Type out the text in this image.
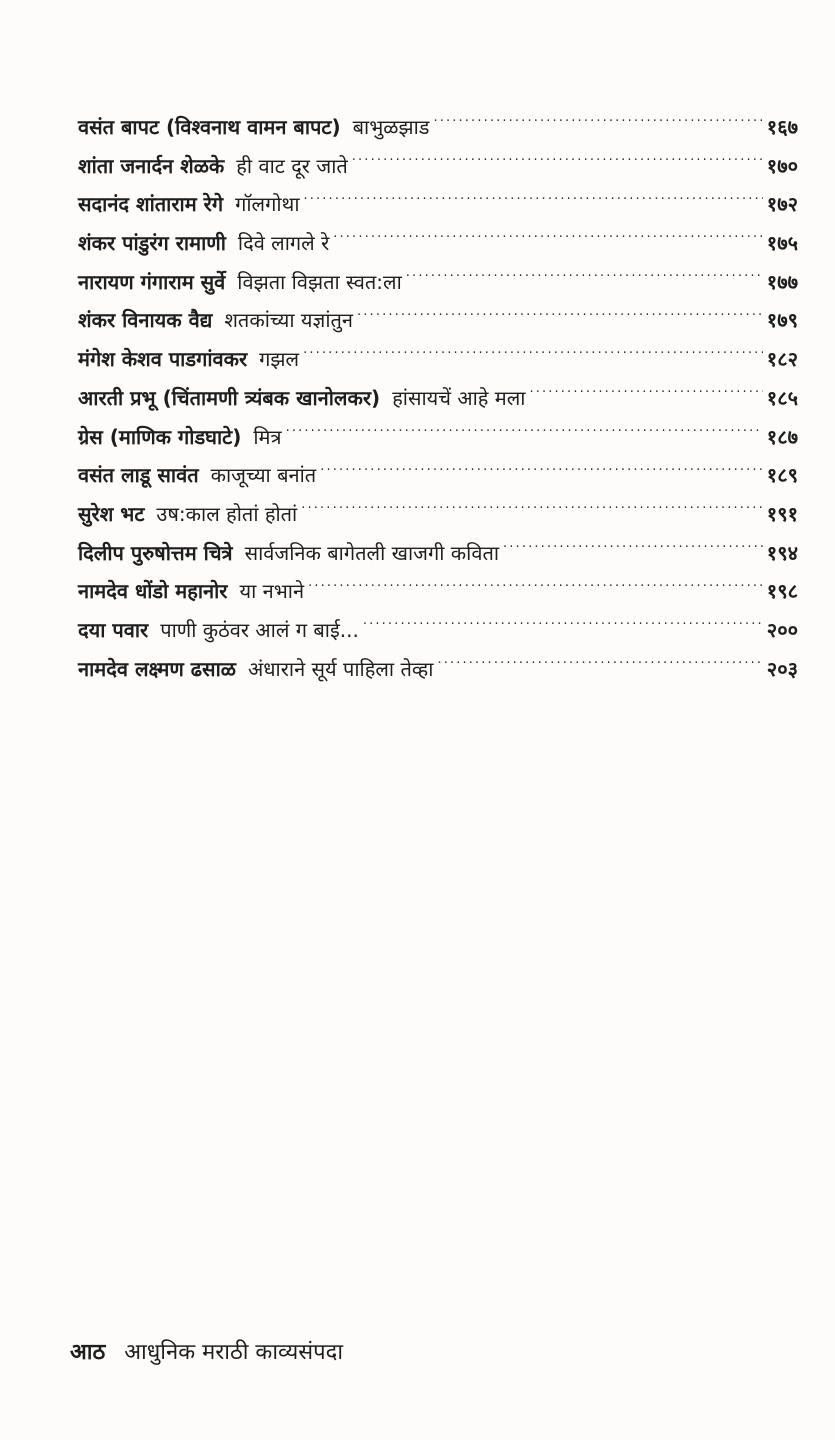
वसंत बापट (विश्वनाथ वामन बापट) बाभुळझाड . . .	१६७
शांता जनार्दन शेळके ही वाट दूर जाते . . .	१७०
सदानंद शांताराम रेगे गॉलगोथा . . .	१७२
शंकर पांडुरंग रामाणी दिवे लागले रे . . .	१७५
नारायण गंगाराम सुर्वे विझता विझता स्वत:ला . . .	१७७
शंकर विनायक वैद्य शतकांच्या यज्ञांतुन . . .	१७९
मंगेश केशव पाडगांवकर गझल . . .	१८२
आरती प्रभू (चिंतामणी त्र्यंबक खानोलकर) हांसायचें आहे मला . . .	१८५
ग्रेस (माणिक गोडघाटे) मित्र . . .	१८७
वसंत लाडू सावंत काजूच्या बनांत . . .	१८९
सुरेश भट उष:काल होतां होतां . . .	१९१
दिलीप पुरुषोत्तम चित्रे सार्वजनिक बागेतली खाजगी कविता . . .	१९४
नामदेव धोंडो महानोर या नभाने . . .	१९८
दया पवार पाणी कुठंवर आलं ग बाई... . . .	२००
नामदेव लक्ष्मण ढसाळ अंधाराने सूर्य पाहिला तेव्हा . . .	२०३
आठ आधुनिक मराठी काव्यसंपदा
